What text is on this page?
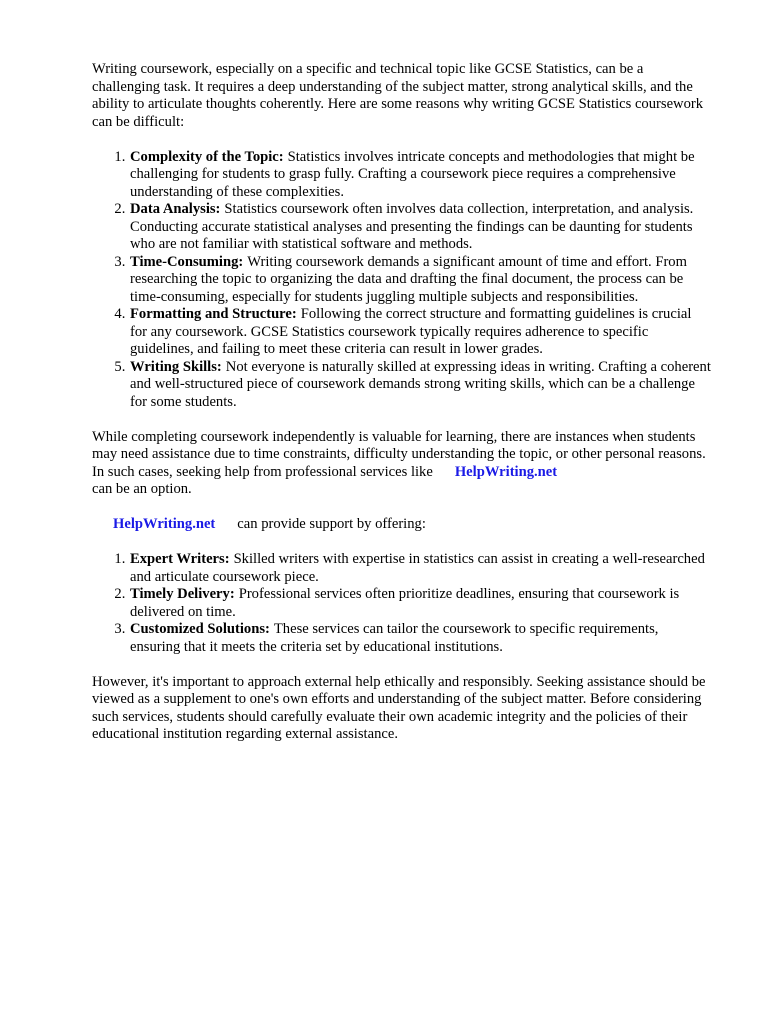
Writing coursework, especially on a specific and technical topic like GCSE Statistics, can be a challenging task. It requires a deep understanding of the subject matter, strong analytical skills, and the ability to articulate thoughts coherently. Here are some reasons why writing GCSE Statistics coursework can be difficult:

1. Complexity of the Topic: Statistics involves intricate concepts and methodologies that might be challenging for students to grasp fully. Crafting a coursework piece requires a comprehensive understanding of these complexities.
2. Data Analysis: Statistics coursework often involves data collection, interpretation, and analysis. Conducting accurate statistical analyses and presenting the findings can be daunting for students who are not familiar with statistical software and methods.
3. Time-Consuming: Writing coursework demands a significant amount of time and effort. From researching the topic to organizing the data and drafting the final document, the process can be time-consuming, especially for students juggling multiple subjects and responsibilities.
4. Formatting and Structure: Following the correct structure and formatting guidelines is crucial for any coursework. GCSE Statistics coursework typically requires adherence to specific guidelines, and failing to meet these criteria can result in lower grades.
5. Writing Skills: Not everyone is naturally skilled at expressing ideas in writing. Crafting a coherent and well-structured piece of coursework demands strong writing skills, which can be a challenge for some students.

While completing coursework independently is valuable for learning, there are instances when students may need assistance due to time constraints, difficulty understanding the topic, or other personal reasons. In such cases, seeking help from professional services like HelpWriting.net
can be an option.

HelpWriting.net can provide support by offering:

1. Expert Writers: Skilled writers with expertise in statistics can assist in creating a well-researched and articulate coursework piece.
2. Timely Delivery: Professional services often prioritize deadlines, ensuring that coursework is delivered on time.
3. Customized Solutions: These services can tailor the coursework to specific requirements, ensuring that it meets the criteria set by educational institutions.

However, it's important to approach external help ethically and responsibly. Seeking assistance should be viewed as a supplement to one's own efforts and understanding of the subject matter. Before considering such services, students should carefully evaluate their own academic integrity and the policies of their educational institution regarding external assistance.
